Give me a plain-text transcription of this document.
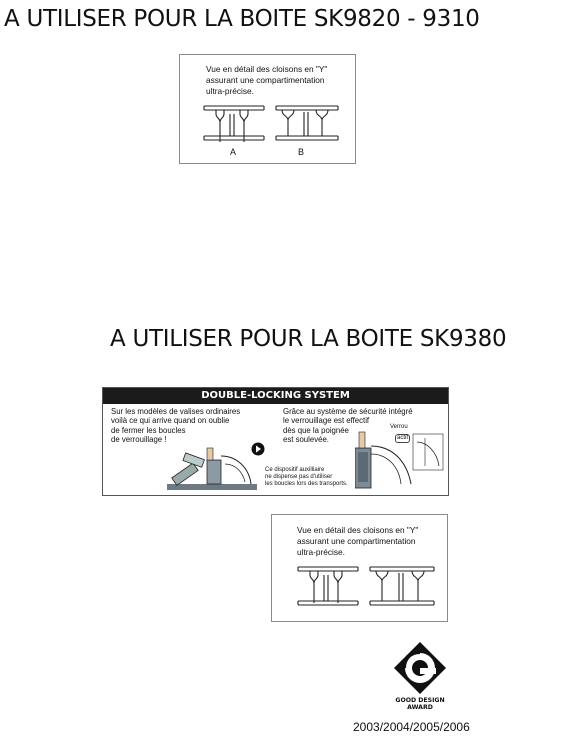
A UTILISER POUR LA BOITE SK9820 - 9310
Vue en détail des cloisons en "Y"
assurant une compartimentation
ultra-précise.
A	B
A UTILISER POUR LA BOITE SK9380
DOUBLE-LOCKING SYSTEM
Sur les modèles de valises ordinaires
voilà ce qui arrive quand on oublie
de fermer les boucles
de verrouillage !
Grâce au système de sécurité intégré
le verrouillage est effectif
dès que la poignée
est soulevée.
Ce dispositif auxilliaire
ne dispense pas d'utiliser
les boucles lors des transports.
Verrou
actif
Vue en détail des cloisons en "Y"
assurant une compartimentation
ultra-précise.
GOOD DESIGN
AWARD
2003/2004/2005/2006
